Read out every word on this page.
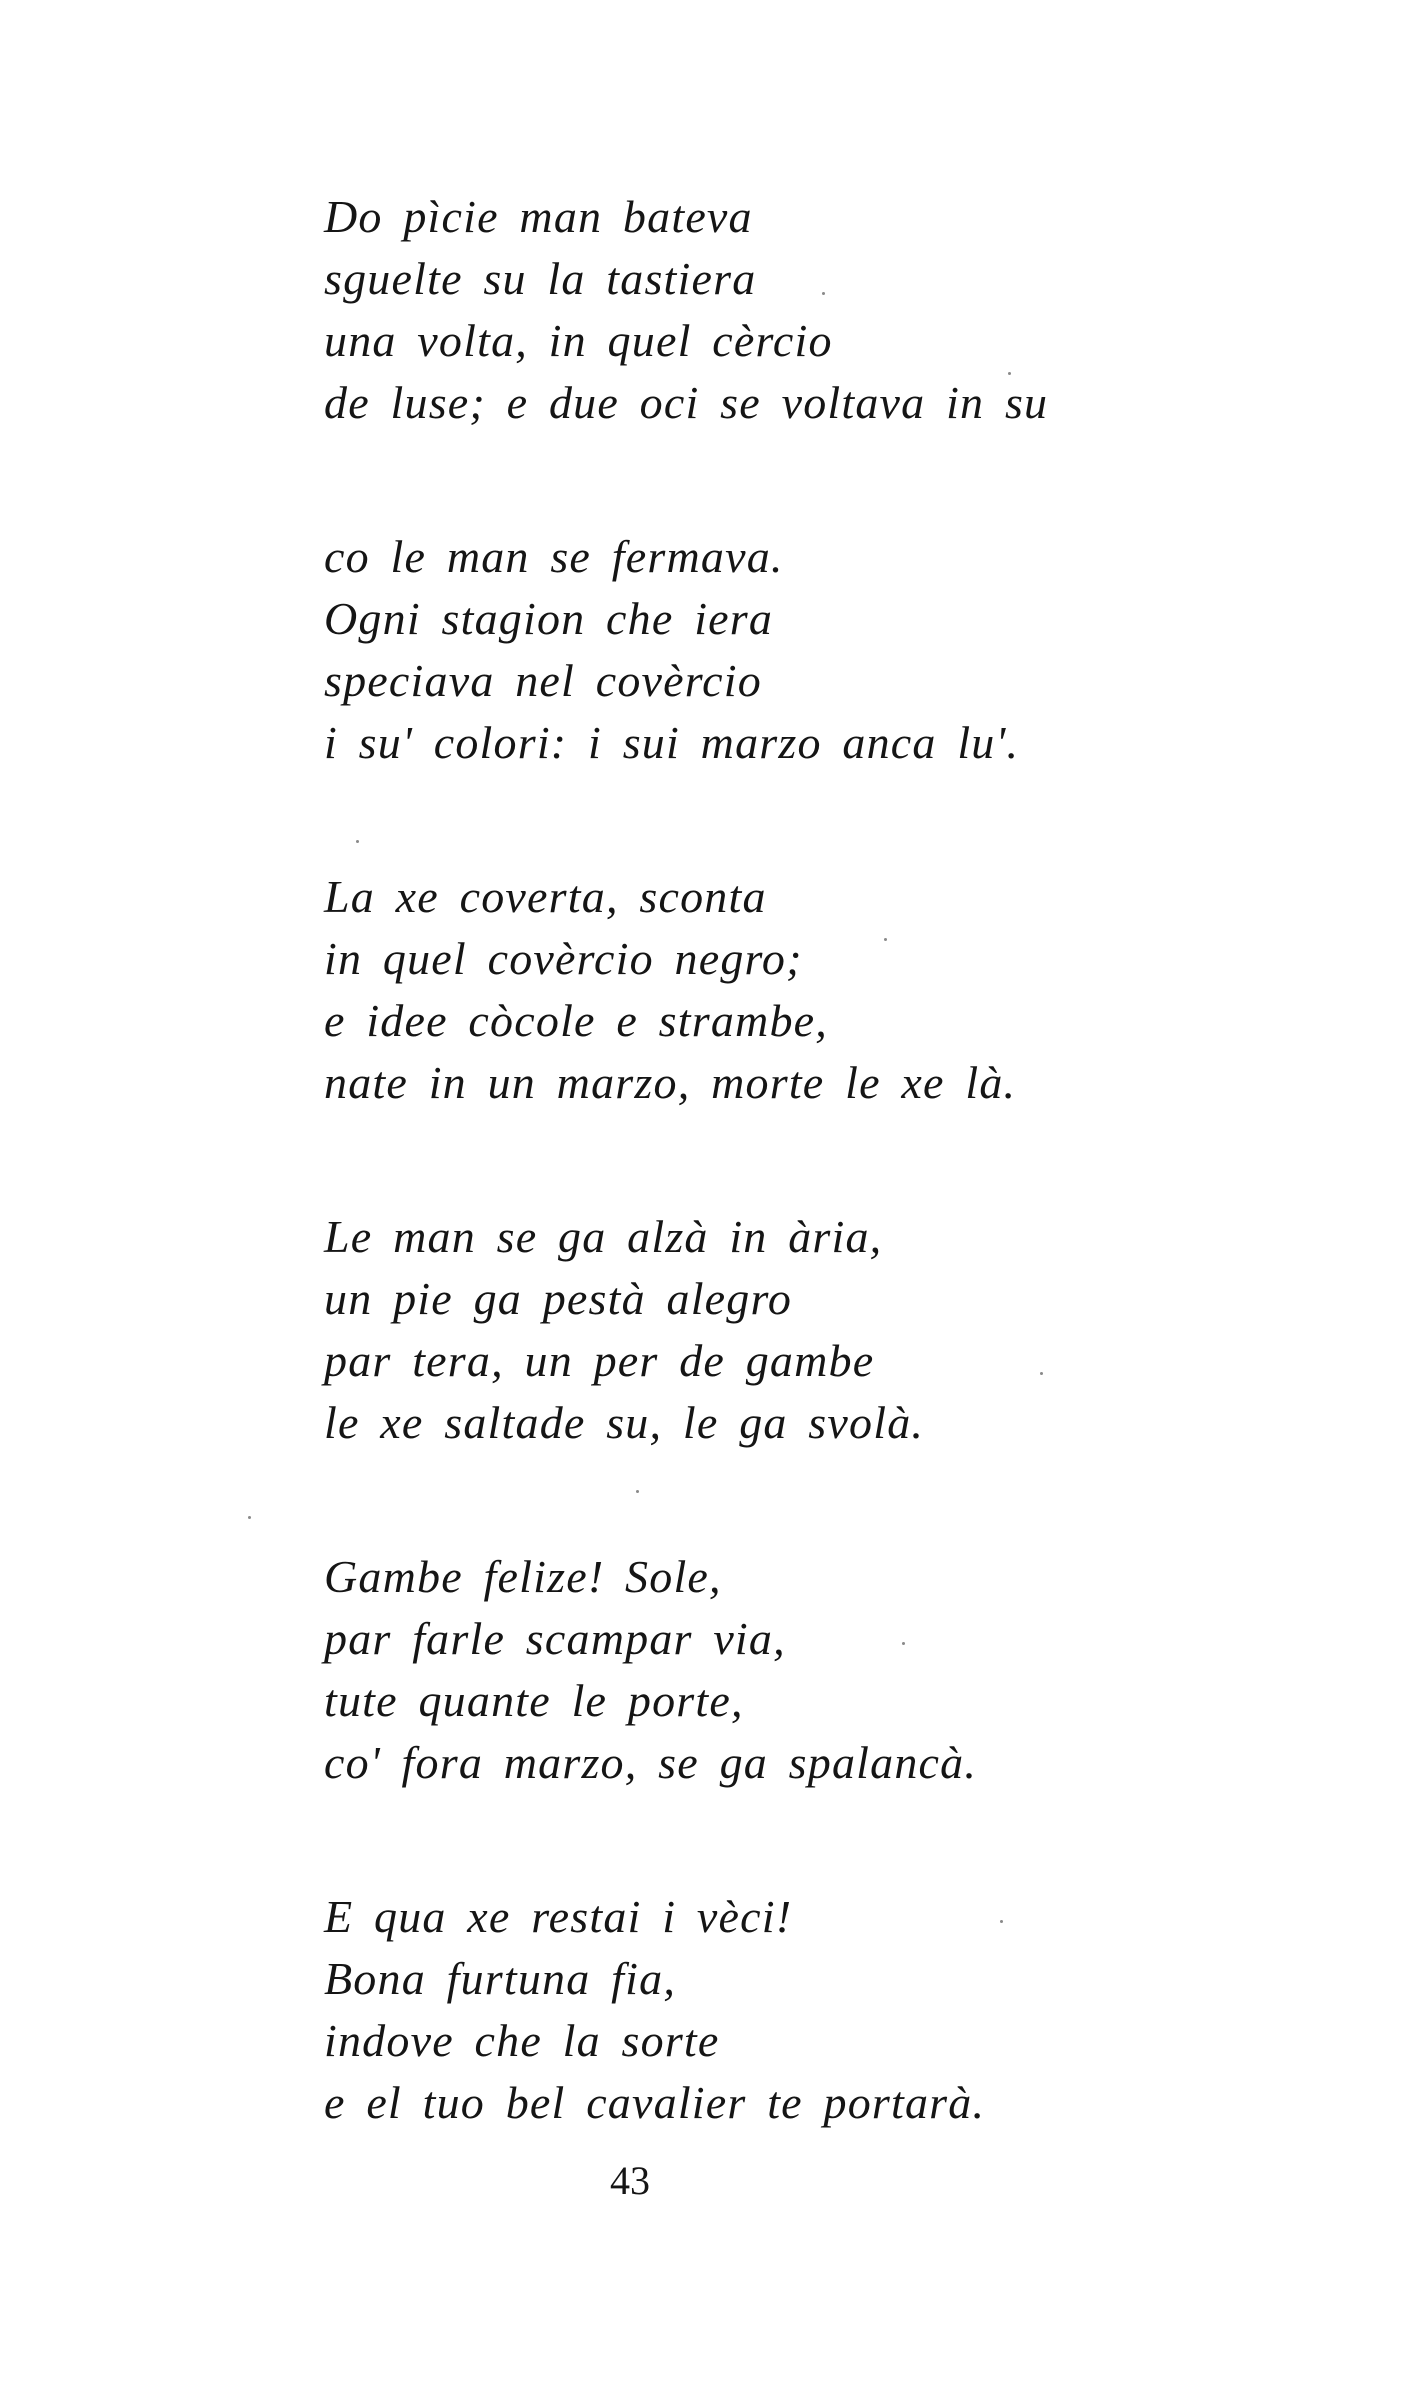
Do pìcie man bateva
sguelte su la tastiera
una volta, in quel cèrcio
de luse; e due oci se voltava in su
co le man se fermava.
Ogni stagion che iera
speciava nel covèrcio
i su' colori: i sui marzo anca lu'.
La xe coverta, sconta
in quel covèrcio negro;
e idee còcole e strambe,
nate in un marzo, morte le xe là.
Le man se ga alzà in ària,
un pie ga pestà alegro
par tera, un per de gambe
le xe saltade su, le ga svolà.
Gambe felize! Sole,
par farle scampar via,
tute quante le porte,
co' fora marzo, se ga spalancà.
E qua xe restai i vèci!
Bona furtuna fia,
indove che la sorte
e el tuo bel cavalier te portarà.
43
